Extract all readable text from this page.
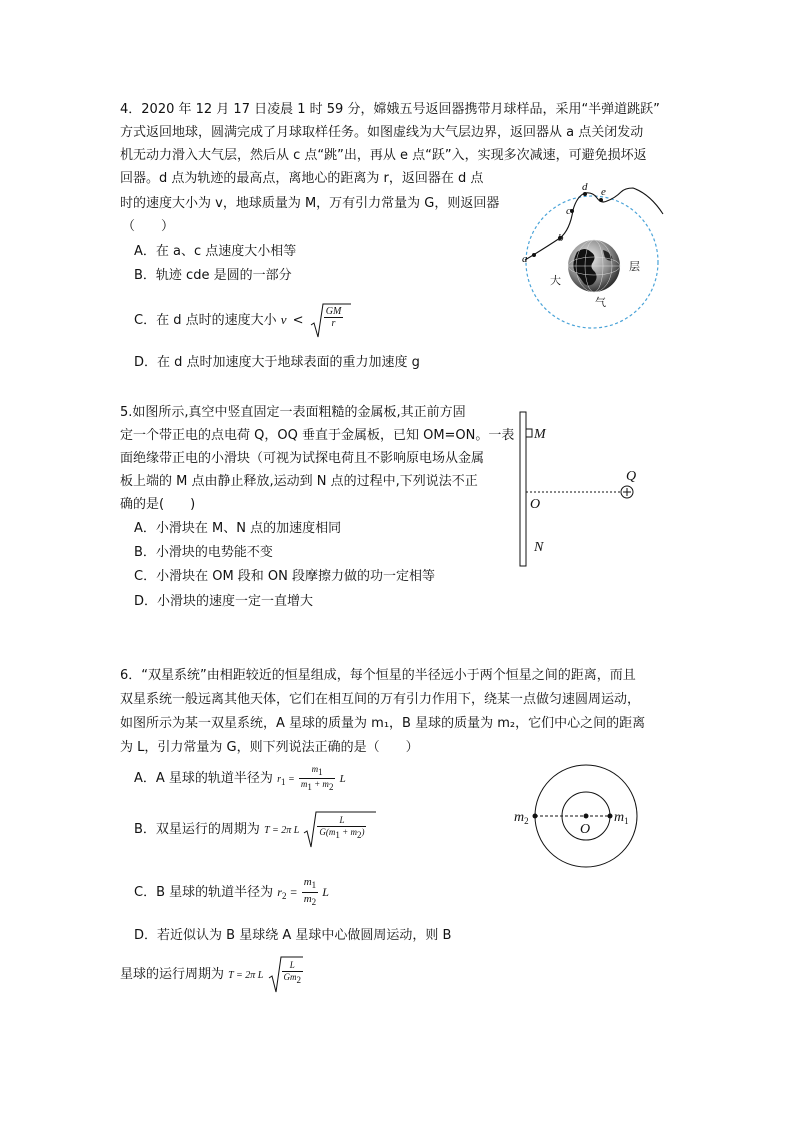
4．2020 年 12 月 17 日凌晨 1 时 59 分，嫦娥五号返回器携带月球样品，采用“半弹道跳跃”
方式返回地球，圆满完成了月球取样任务。如图虚线为大气层边界，返回器从 a 点关闭发动
机无动力滑入大气层，然后从 c 点“跳”出，再从 e 点“跃”入，实现多次减速，可避免损坏返
回器。d 点为轨迹的最高点，离地心的距离为 r，返回器在 d 点
时的速度大小为 v，地球质量为 M，万有引力常量为 G，则返回器
（　　）
A．在 a、c 点速度大小相等
B．轨迹 cde 是圆的一部分
C．在 d 点时的速度大小 $v < \frac{GM}{r}$
D．在 d 点时加速度大于地球表面的重力加速度 g
a
b
c
d e
大
气
层
5.如图所示,真空中竖直固定一表面粗糙的金属板,其正前方固
定一个带正电的点电荷 Q，OQ 垂直于金属板，已知 OM=ON。一表
面绝缘带正电的小滑块（可视为试探电荷且不影响原电场从金属
板上端的 M 点由静止释放,运动到 N 点的过程中,下列说法不正
确的是(　　)
A．小滑块在 M、N 点的加速度相同
B．小滑块的电势能不变
C．小滑块在 OM 段和 ON 段摩擦力做的功一定相等
D．小滑块的速度一定一直增大
M
Q
O
N
6．“双星系统”由相距较近的恒星组成，每个恒星的半径远小于两个恒星之间的距离，而且
双星系统一般远离其他天体，它们在相互间的万有引力作用下，绕某一点做匀速圆周运动，
如图所示为某一双星系统，A 星球的质量为 m₁，B 星球的质量为 m₂，它们中心之间的距离
为 L，引力常量为 G，则下列说法正确的是（　　）
A．A 星球的轨道半径为 $r1 = \frac{m1}{m1 + m2}$ L
B．双星运行的周期为 T = 2π L $\frac{L}{G(m1 + m2)}$
C．B 星球的轨道半径为 $r_2 = \frac{m_1}{m_2}$ L
D．若近似认为 B 星球绕 A 星球中心做圆周运动，则 B
星球的运行周期为 T = 2π L $\frac{L}{Gm2}$
$m_2$
O
$m_1$
